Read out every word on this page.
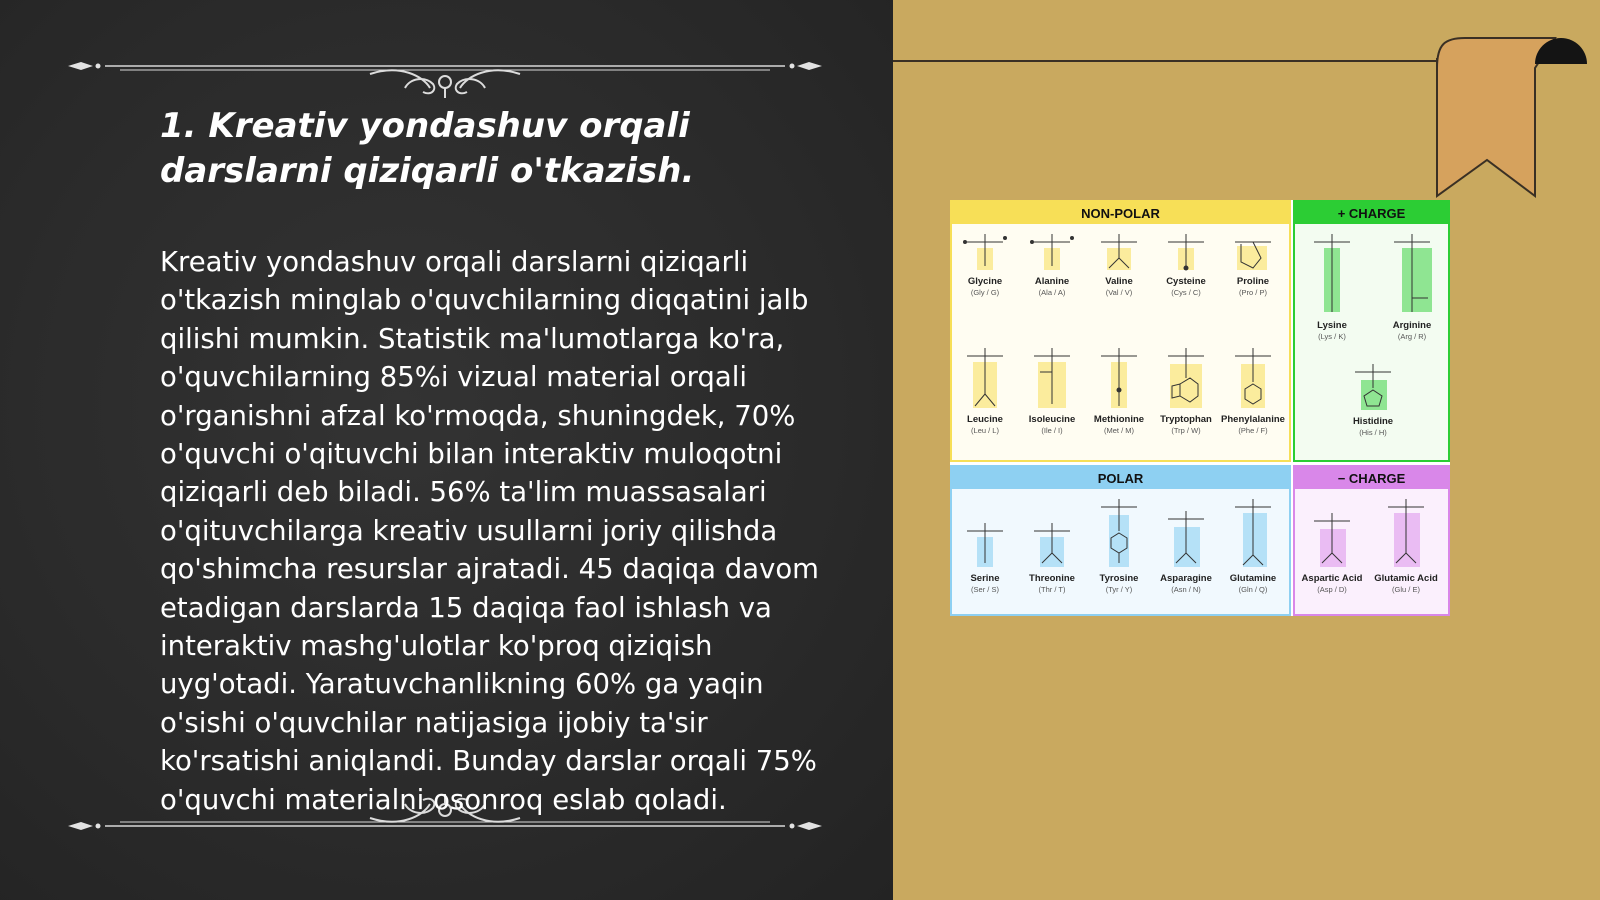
1. Kreativ yondashuv orqali darslarni qiziqarli o'tkazish.

Kreativ yondashuv orqali darslarni qiziqarli o'tkazish minglab o'quvchilarning diqqatini jalb qilishi mumkin. Statistik ma'lumotlarga ko'ra, o'quvchilarning 85%i vizual material orqali o'rganishni afzal ko'rmoqda, shuningdek, 70% o'quvchi o'qituvchi bilan interaktiv muloqotni qiziqarli deb biladi. 56% ta'lim muassasalari o'qituvchilarga kreativ usullarni joriy qilishda qo'shimcha resurslar ajratadi. 45 daqiqa davom etadigan darslarda 15 daqiqa faol ishlash va interaktiv mashg'ulotlar ko'proq qiziqish uyg'otadi. Yaratuvchanlikning 60% ga yaqin o'sishi o'quvchilar natijasiga ijobiy ta'sir ko'rsatishi aniqlandi. Bunday darslar orqali 75% o'quvchi materialni osonroq eslab qoladi.

NON-POLAR
Glycine
(Gly / G)
Alanine
(Ala / A)
Valine
(Val / V)
Cysteine
(Cys / C)
Proline
(Pro / P)
Leucine
(Leu / L)
Isoleucine
(Ile / I)
Methionine
(Met / M)
Tryptophan
(Trp / W)
Phenylalanine
(Phe / F)
+ CHARGE
Lysine
(Lys / K)
Arginine
(Arg / R)
Histidine
(His / H)
POLAR
Serine
(Ser / S)
Threonine
(Thr / T)
Tyrosine
(Tyr / Y)
Asparagine
(Asn / N)
Glutamine
(Gln / Q)
− CHARGE
Aspartic Acid
(Asp / D)
Glutamic Acid
(Glu / E)
